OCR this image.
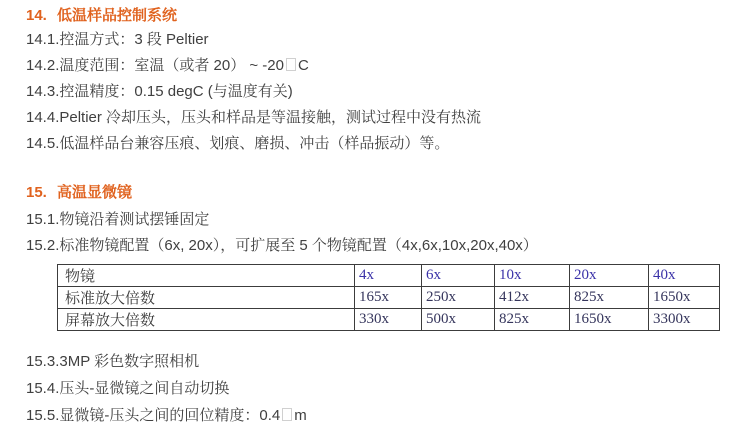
14. 低温样品控制系统
14.1.控温方式：3 段 Peltier
14.2.温度范围：室温（或者 20） ~ -20 C
14.3.控温精度：0.15 degC (与温度有关)
14.4.Peltier 冷却压头，压头和样品是等温接触，测试过程中没有热流
14.5.低温样品台兼容压痕、划痕、磨损、冲击（样品振动）等。
15. 高温显微镜
15.1.物镜沿着测试摆锤固定
15.2.标准物镜配置（6x, 20x），可扩展至 5 个物镜配置（4x,6x,10x,20x,40x）
物镜	4x	6x	10x	20x	40x
标准放大倍数	165x	250x	412x	825x	1650x
屏幕放大倍数	330x	500x	825x	1650x	3300x
15.3.3MP 彩色数字照相机
15.4.压头-显微镜之间自动切换
15.5.显微镜-压头之间的回位精度：0.4 m
